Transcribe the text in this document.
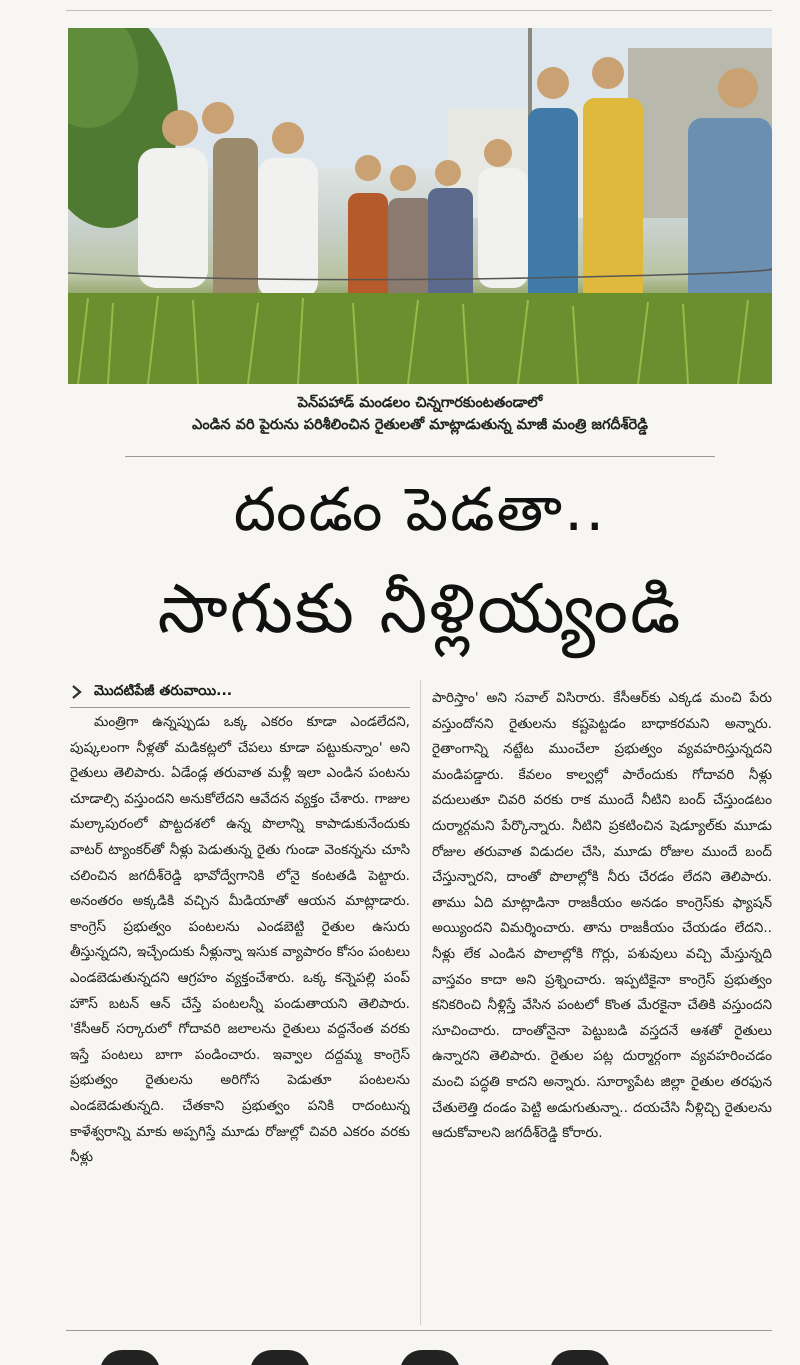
పెన్‌పహాడ్ మండలం చిన్నగారకుంటతండాలో
ఎండిన వరి పైరును పరిశీలించిన రైతులతో మాట్లాడుతున్న మాజీ మంత్రి జగదీశ్‌రెడ్డి
దండం పెడతా..
సాగుకు నీళ్లియ్యండి
మొదటిపేజీ తరువాయి...

మంత్రిగా ఉన్నప్పుడు ఒక్క ఎకరం కూడా ఎండలేదని, పుష్కలంగా నీళ్లతో మడికట్లలో చేపలు కూడా పట్టుకున్నాం' అని రైతులు తెలిపారు. ఏడేండ్ల తరువాత మళ్లీ ఇలా ఎండిన పంటను చూడాల్సి వస్తుందని అనుకోలేదని ఆవేదన వ్యక్తం చేశారు. గాజుల మల్కాపురంలో పొట్టదశలో ఉన్న పొలాన్ని కాపాడుకునేందుకు వాటర్ ట్యాంకర్‌తో నీళ్లు పెడుతున్న రైతు గుండా వెంకన్నను చూసి చలించిన జగదీశ్‌రెడ్డి భావోద్వేగానికి లోనై కంటతడి పెట్టారు. అనంతరం అక్కడికి వచ్చిన మీడియాతో ఆయన మాట్లాడారు. కాంగ్రెస్ ప్రభుత్వం పంటలను ఎండబెట్టి రైతుల ఉసురు తీస్తున్నదని, ఇచ్చేందుకు నీళ్లున్నా ఇసుక వ్యాపారం కోసం పంటలు ఎండబెడుతున్నదని ఆగ్రహం వ్యక్తంచేశారు. ఒక్క కన్నెపల్లి పంప్ హౌస్ బటన్ ఆన్ చేస్తే పంటలన్నీ పండుతాయని తెలిపారు. 'కేసీఆర్ సర్కారులో గోదావరి జలాలను రైతులు వద్దనేంత వరకు ఇస్తే పంటలు బాగా పండించారు. ఇవ్వాల దద్దమ్మ కాంగ్రెస్ ప్రభుత్వం రైతులను అరిగోస పెడుతూ పంటలను ఎండబెడుతున్నది. చేతకాని ప్రభుత్వం పనికి రాదంటున్న కాళేశ్వరాన్ని మాకు అప్పగిస్తే మూడు రోజుల్లో చివరి ఎకరం వరకు నీళ్లు

పారిస్తాం' అని సవాల్ విసిరారు. కేసీఆర్‌కు ఎక్కడ మంచి పేరు వస్తుందోనని రైతులను కష్టపెట్టడం బాధాకరమని అన్నారు. రైతాంగాన్ని నట్టేట ముంచేలా ప్రభుత్వం వ్యవహరిస్తున్నదని మండిపడ్డారు. కేవలం కాల్వల్లో పారేందుకు గోదావరి నీళ్లు వదులుతూ చివరి వరకు రాక ముందే నీటిని బంద్ చేస్తుండటం దుర్మార్గమని పేర్కొన్నారు. నీటిని ప్రకటించిన షెడ్యూల్‌కు మూడు రోజుల తరువాత విడుదల చేసి, మూడు రోజుల ముందే బంద్ చేస్తున్నారని, దాంతో పొలాల్లోకి నీరు చేరడం లేదని తెలిపారు. తాము ఏది మాట్లాడినా రాజకీయం అనడం కాంగ్రెస్‌కు ఫ్యాషన్ అయ్యిందని విమర్శించారు. తాను రాజకీయం చేయడం లేదని.. నీళ్లు లేక ఎండిన పొలాల్లోకి గొర్లు, పశువులు వచ్చి మేస్తున్నది వాస్తవం కాదా అని ప్రశ్నించారు. ఇప్పటికైనా కాంగ్రెస్ ప్రభుత్వం కనికరించి నీళ్లిస్తే వేసిన పంటలో కొంత మేరకైనా చేతికి వస్తుందని సూచించారు. దాంతోనైనా పెట్టుబడి వస్తదనే ఆశతో రైతులు ఉన్నారని తెలిపారు. రైతుల పట్ల దుర్మార్గంగా వ్యవహరించడం మంచి పద్ధతి కాదని అన్నారు. సూర్యాపేట జిల్లా రైతుల తరఫున చేతులెత్తి దండం పెట్టి అడుగుతున్నా.. దయచేసి నీళ్లిచ్చి రైతులను ఆదుకోవాలని జగదీశ్‌రెడ్డి కోరారు.
